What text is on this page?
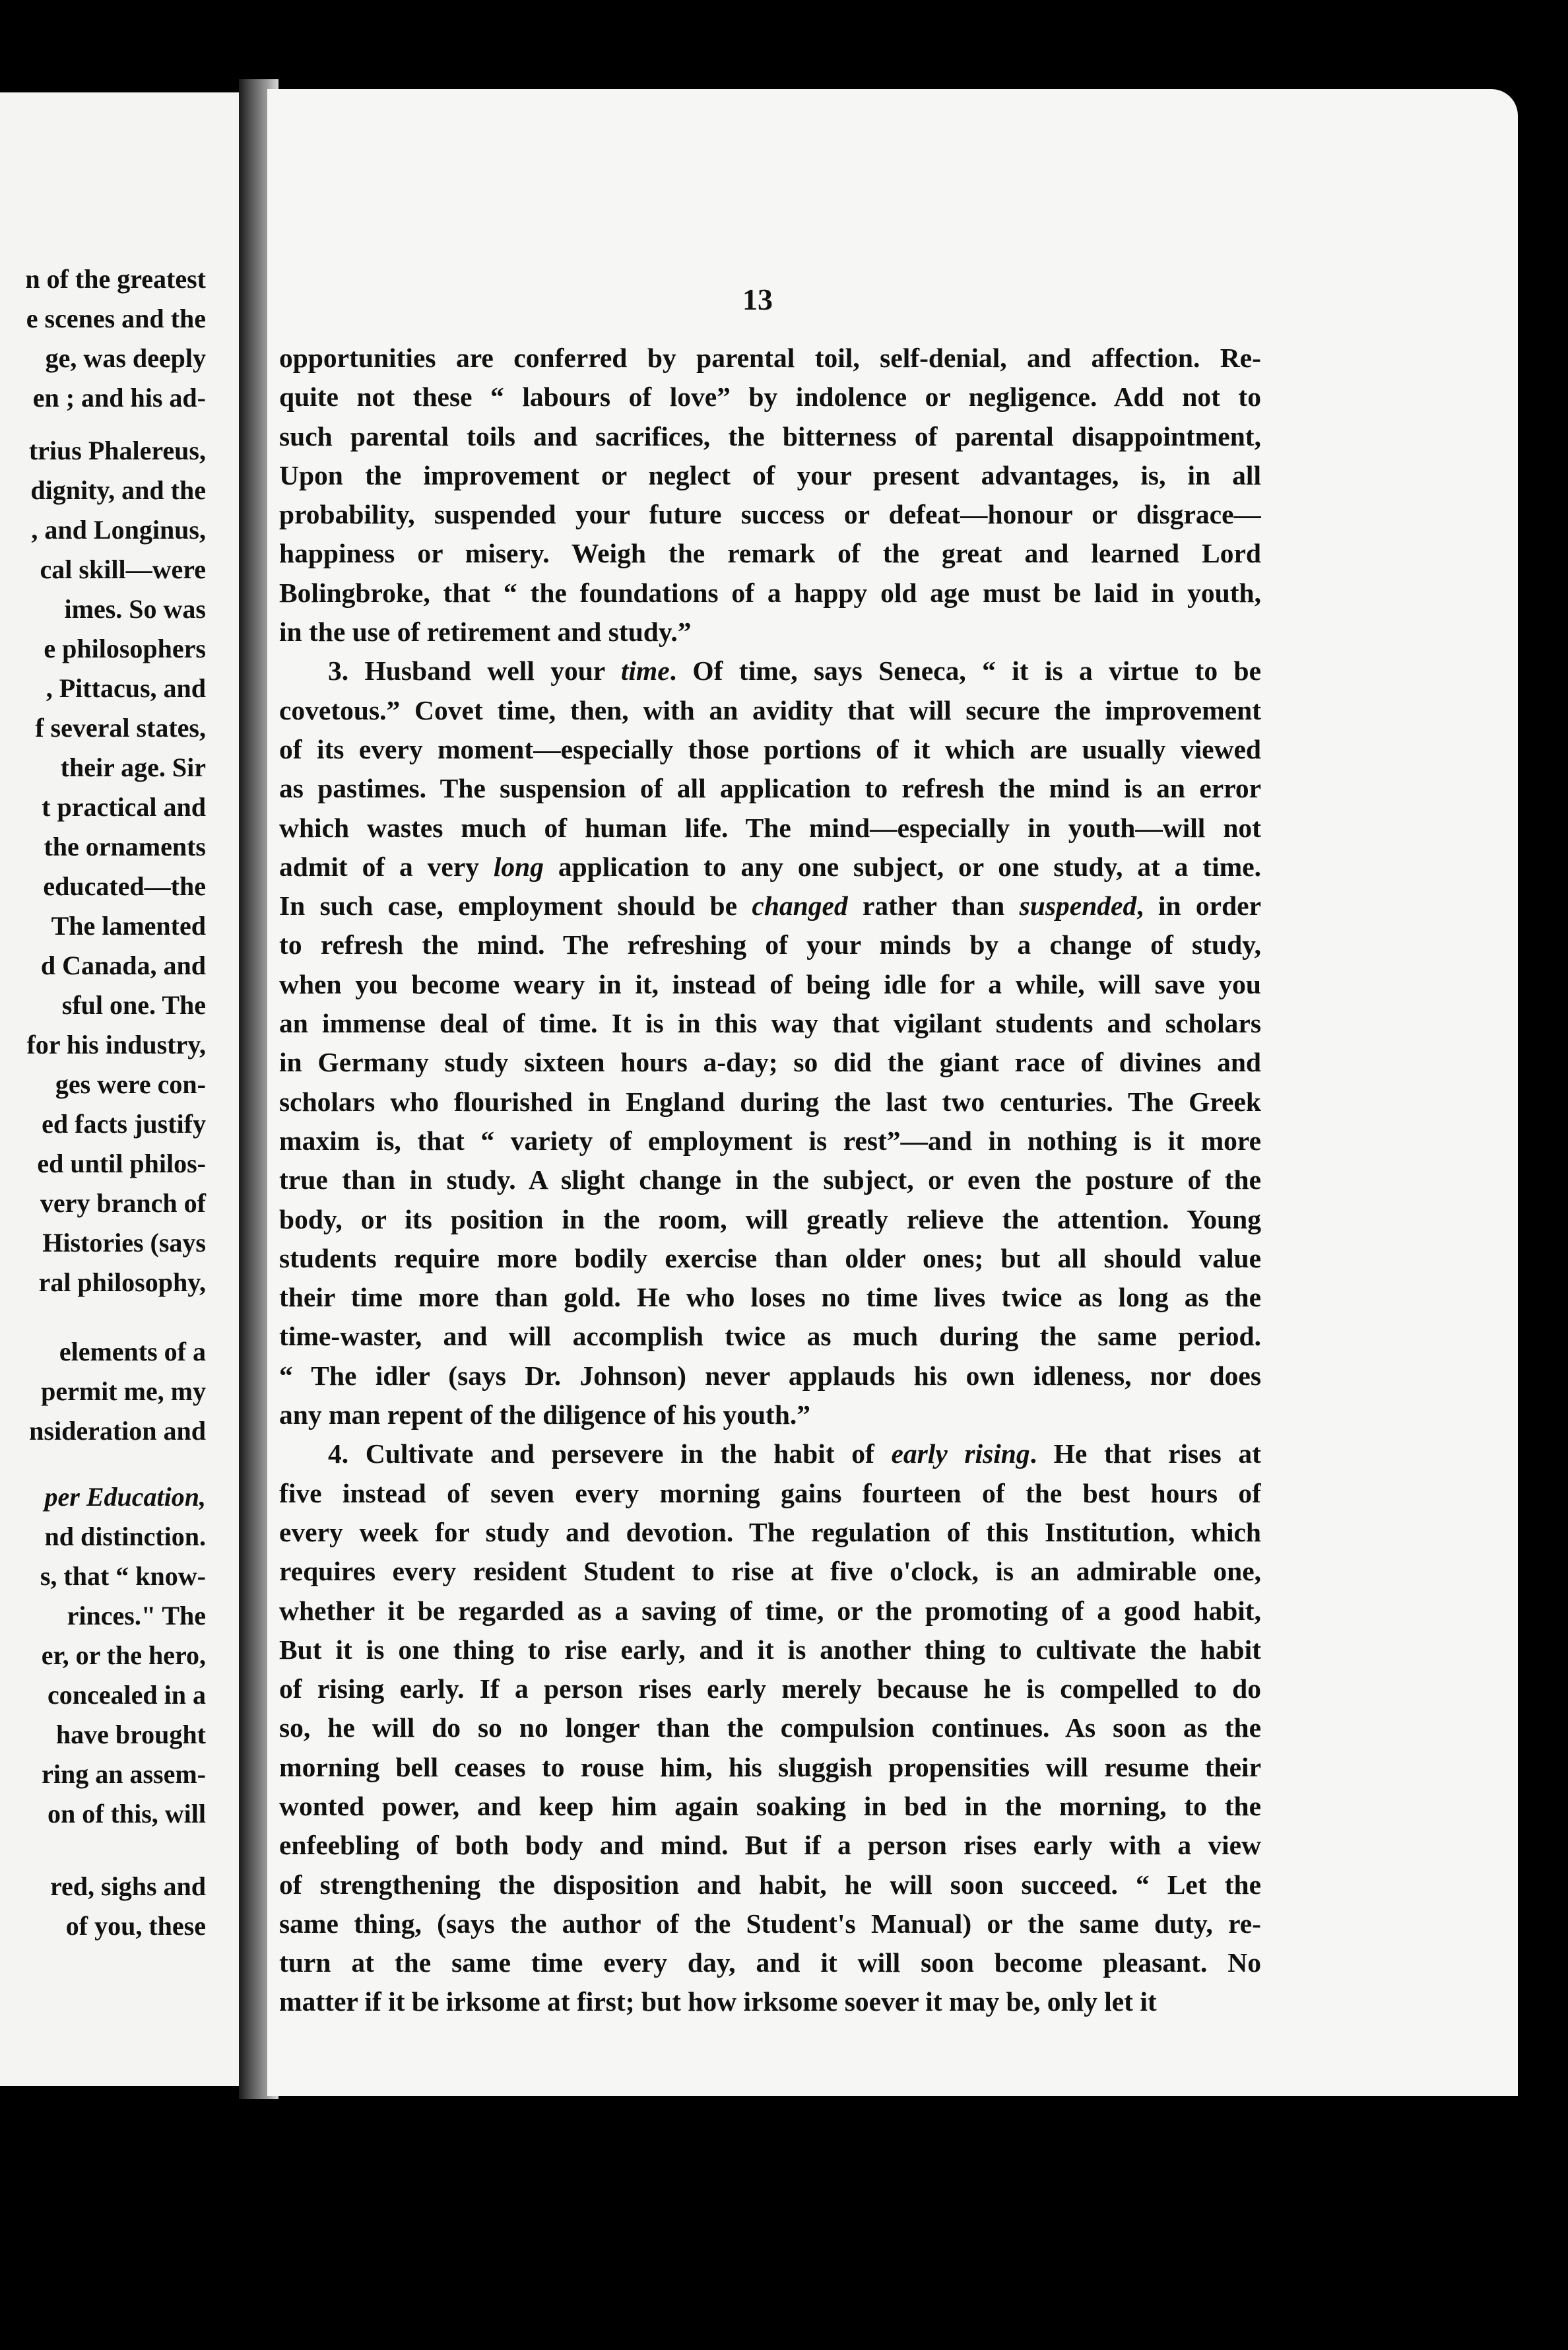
n of the greatest
e scenes and the
ge, was deeply
en ; and his ad-
trius Phalereus,
dignity, and the
, and Longinus,
cal skill—were
imes. So was
e philosophers
, Pittacus, and
f several states,
their age. Sir
t practical and
the ornaments
educated—the
The lamented
d Canada, and
sful one. The
for his industry,
ges were con-
ed facts justify
ed until philos-
very branch of
Histories (says
ral philosophy,
elements of a
permit me, my
nsideration and
per Education,
nd distinction.
s, that “ know-
rinces." The
er, or the hero,
concealed in a
have brought
ring an assem-
on of this, will
red, sighs and
of you, these
13
opportunities are conferred by parental toil, self-denial, and affection. Re-
quite not these “ labours of love” by indolence or negligence. Add not to
such parental toils and sacrifices, the bitterness of parental disappointment,
Upon the improvement or neglect of your present advantages, is, in all
probability, suspended your future success or defeat—honour or disgrace—
happiness or misery. Weigh the remark of the great and learned Lord
Bolingbroke, that “ the foundations of a happy old age must be laid in youth,
in the use of retirement and study.”
3. Husband well your time. Of time, says Seneca, “ it is a virtue to be
covetous.” Covet time, then, with an avidity that will secure the improvement
of its every moment—especially those portions of it which are usually viewed
as pastimes. The suspension of all application to refresh the mind is an error
which wastes much of human life. The mind—especially in youth—will not
admit of a very long application to any one subject, or one study, at a time.
In such case, employment should be changed rather than suspended, in order
to refresh the mind. The refreshing of your minds by a change of study,
when you become weary in it, instead of being idle for a while, will save you
an immense deal of time. It is in this way that vigilant students and scholars
in Germany study sixteen hours a-day; so did the giant race of divines and
scholars who flourished in England during the last two centuries. The Greek
maxim is, that “ variety of employment is rest”—and in nothing is it more
true than in study. A slight change in the subject, or even the posture of the
body, or its position in the room, will greatly relieve the attention. Young
students require more bodily exercise than older ones; but all should value
their time more than gold. He who loses no time lives twice as long as the
time-waster, and will accomplish twice as much during the same period.
“ The idler (says Dr. Johnson) never applauds his own idleness, nor does
any man repent of the diligence of his youth.”
4. Cultivate and persevere in the habit of early rising. He that rises at
five instead of seven every morning gains fourteen of the best hours of
every week for study and devotion. The regulation of this Institution, which
requires every resident Student to rise at five o'clock, is an admirable one,
whether it be regarded as a saving of time, or the promoting of a good habit,
But it is one thing to rise early, and it is another thing to cultivate the habit
of rising early. If a person rises early merely because he is compelled to do
so, he will do so no longer than the compulsion continues. As soon as the
morning bell ceases to rouse him, his sluggish propensities will resume their
wonted power, and keep him again soaking in bed in the morning, to the
enfeebling of both body and mind. But if a person rises early with a view
of strengthening the disposition and habit, he will soon succeed. “ Let the
same thing, (says the author of the Student's Manual) or the same duty, re-
turn at the same time every day, and it will soon become pleasant. No
matter if it be irksome at first; but how irksome soever it may be, only let it
